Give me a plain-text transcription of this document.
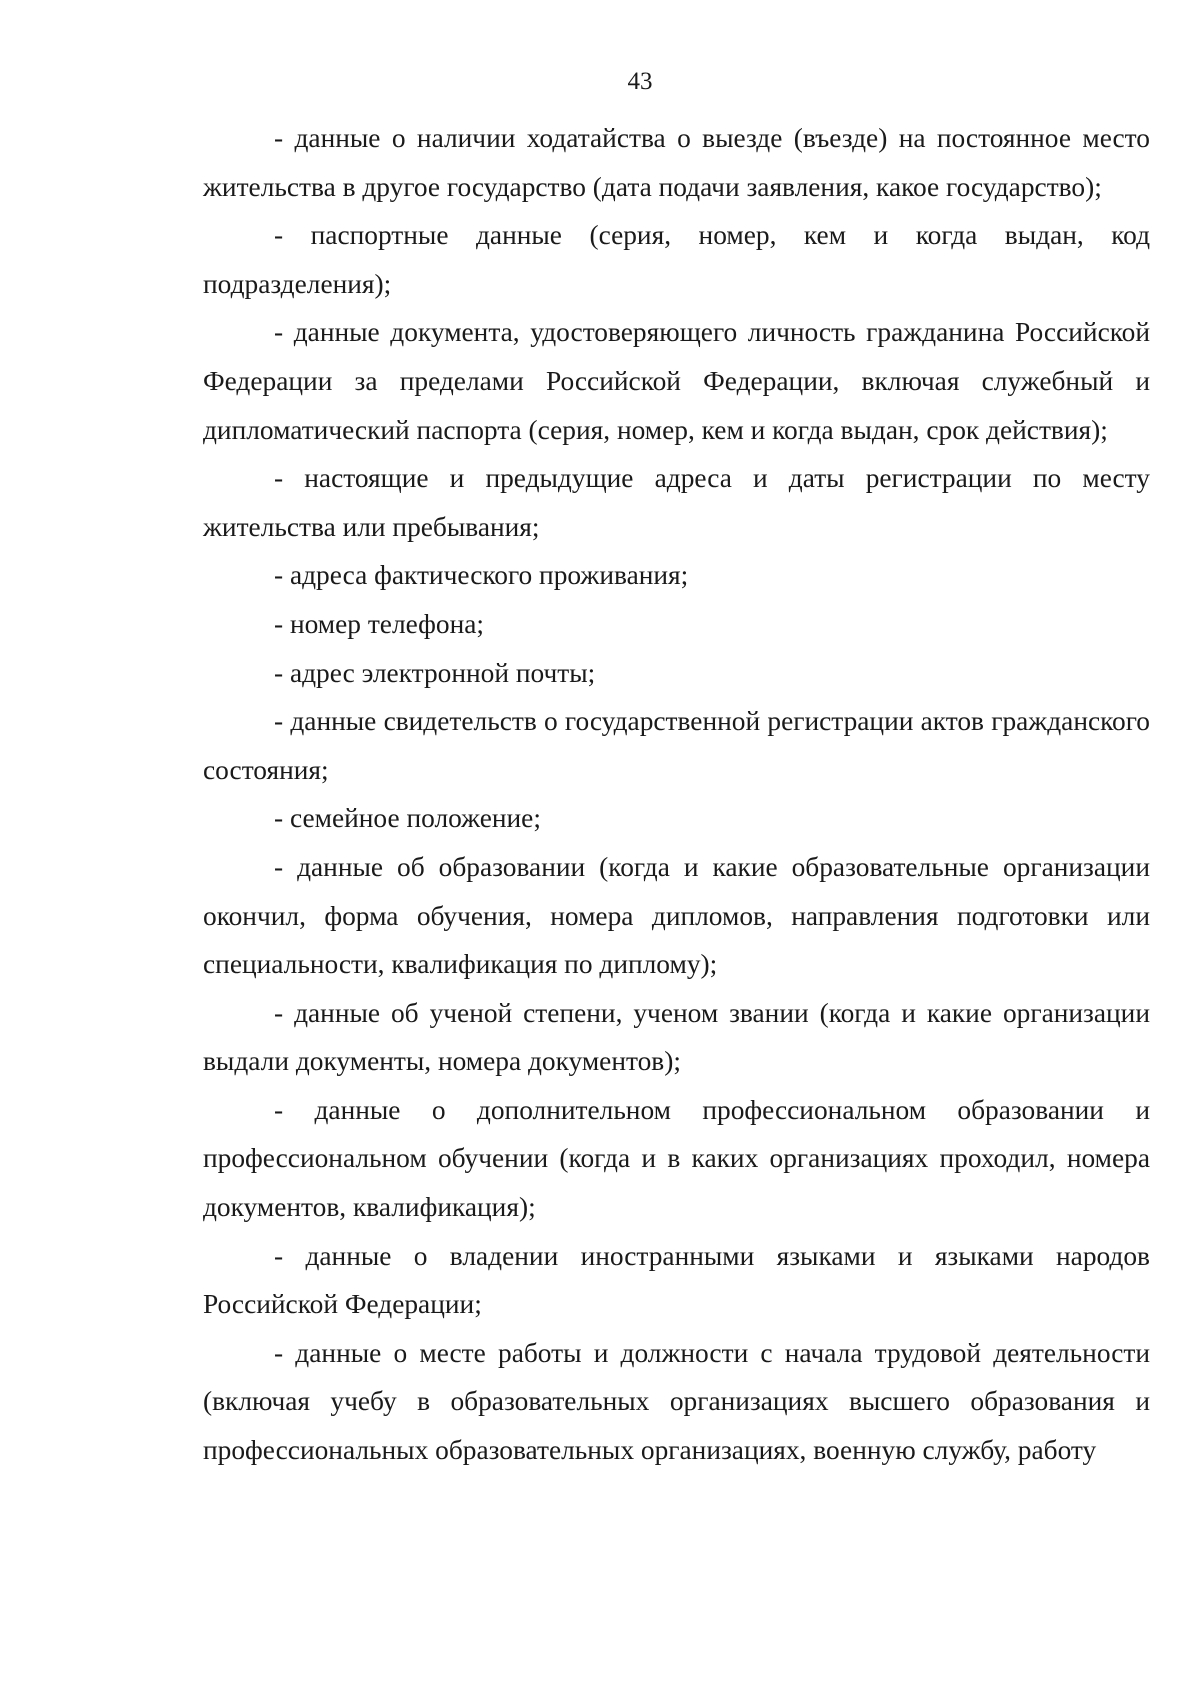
43

- данные о наличии ходатайства о выезде (въезде) на постоянное место жительства в другое государство (дата подачи заявления, какое государство);

- паспортные данные (серия, номер, кем и когда выдан, код подразделения);

- данные документа, удостоверяющего личность гражданина Российской Федерации за пределами Российской Федерации, включая служебный и дипломатический паспорта (серия, номер, кем и когда выдан, срок действия);

- настоящие и предыдущие адреса и даты регистрации по месту жительства или пребывания;

- адреса фактического проживания;

- номер телефона;

- адрес электронной почты;

- данные свидетельств о государственной регистрации актов гражданского состояния;

- семейное положение;

- данные об образовании (когда и какие образовательные организации окончил, форма обучения, номера дипломов, направления подготовки или специальности, квалификация по диплому);

- данные об ученой степени, ученом звании (когда и какие организации выдали документы, номера документов);

- данные о дополнительном профессиональном образовании и профессиональном обучении (когда и в каких организациях проходил, номера документов, квалификация);

- данные о владении иностранными языками и языками народов Российской Федерации;

- данные о месте работы и должности с начала трудовой деятельности (включая учебу в образовательных организациях высшего образования и профессиональных образовательных организациях, военную службу, работу
